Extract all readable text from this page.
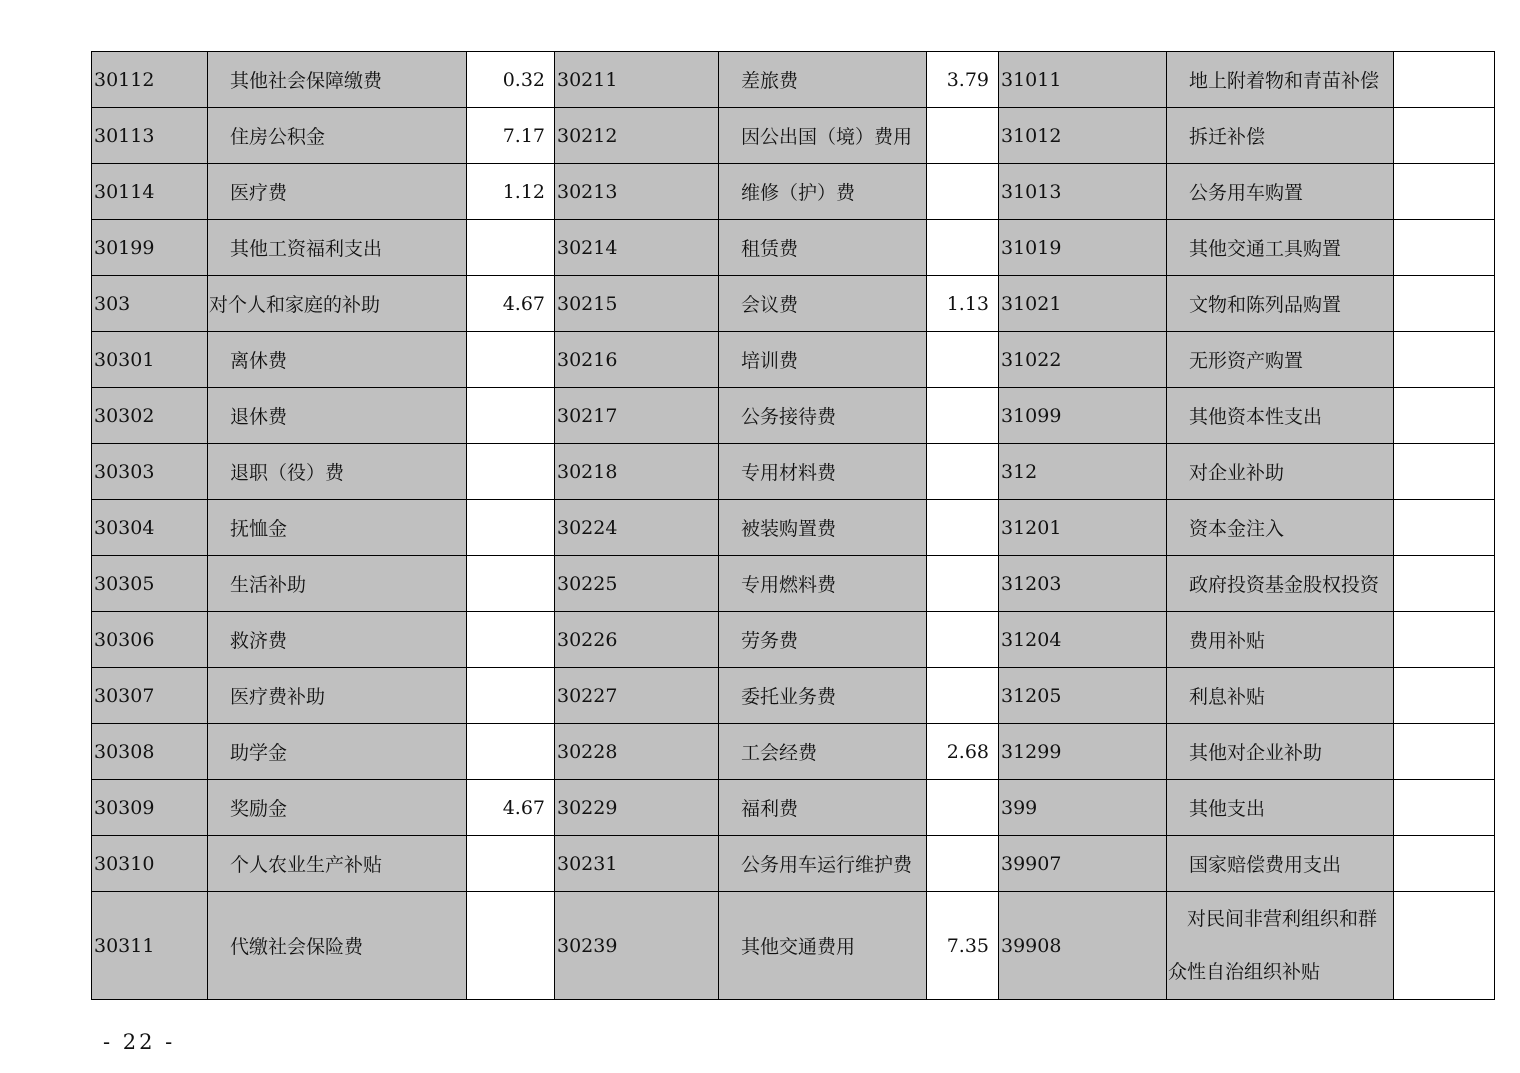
30112	其他社会保障缴费	0.32	30211	差旅费	3.79	31011	地上附着物和青苗补偿	
30113	住房公积金	7.17	30212	因公出国（境）费用		31012	拆迁补偿	
30114	医疗费	1.12	30213	维修（护）费		31013	公务用车购置	
30199	其他工资福利支出		30214	租赁费		31019	其他交通工具购置	
303	对个人和家庭的补助	4.67	30215	会议费	1.13	31021	文物和陈列品购置	
30301	离休费		30216	培训费		31022	无形资产购置	
30302	退休费		30217	公务接待费		31099	其他资本性支出	
30303	退职（役）费		30218	专用材料费		312	对企业补助	
30304	抚恤金		30224	被装购置费		31201	资本金注入	
30305	生活补助		30225	专用燃料费		31203	政府投资基金股权投资	
30306	救济费		30226	劳务费		31204	费用补贴	
30307	医疗费补助		30227	委托业务费		31205	利息补贴	
30308	助学金		30228	工会经费	2.68	31299	其他对企业补助	
30309	奖励金	4.67	30229	福利费		399	其他支出	
30310	个人农业生产补贴		30231	公务用车运行维护费		39907	国家赔偿费用支出	
30311	代缴社会保险费		30239	其他交通费用	7.35	39908	对民间非营利组织和群
众性自治组织补贴	

- 22 -
